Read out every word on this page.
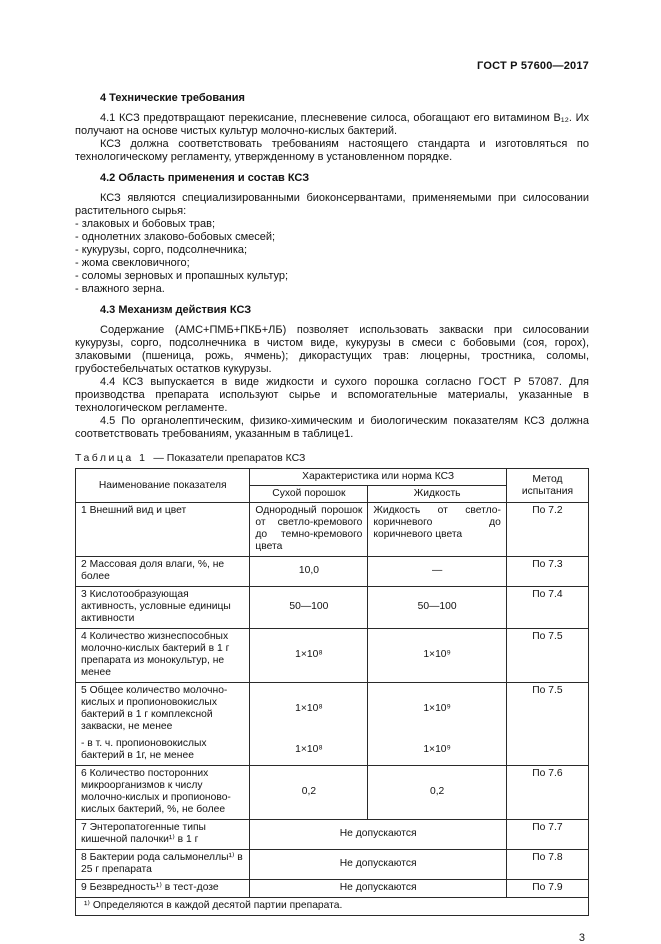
ГОСТ Р 57600—2017

4 Технические требования

4.1 КСЗ предотвращают перекисание, плесневение силоса, обогащают его витамином В₁₂. Их получают на основе чистых культур молочно-кислых бактерий.

КСЗ должна соответствовать требованиям настоящего стандарта и изготовляться по технологическому регламенту, утвержденному в установленном порядке.

4.2 Область применения и состав КСЗ

КСЗ являются специализированными биоконсервантами, применяемыми при силосовании растительного сырья:

- злаковых и бобовых трав;

- однолетних злаково-бобовых смесей;

- кукурузы, сорго, подсолнечника;

- жома свекловичного;

- соломы зерновых и пропашных культур;

- влажного зерна.

4.3 Механизм действия КСЗ

Содержание (АМС+ПМБ+ПКБ+ЛБ) позволяет использовать закваски при силосовании кукурузы, сорго, подсолнечника в чистом виде, кукурузы в смеси с бобовыми (соя, горох), злаковыми (пшеница, рожь, ячмень); дикорастущих трав: люцерны, тростника, соломы, грубостебельчатых остатков кукурузы.

4.4 КСЗ выпускается в виде жидкости и сухого порошка согласно ГОСТ Р 57087. Для производства препарата используют сырье и вспомогательные материалы, указанные в технологическом регламенте.

4.5 По органолептическим, физико-химическим и биологическим показателям КСЗ должна соответствовать требованиям, указанным в таблице1.

Таблица 1 — Показатели препаратов КСЗ

Наименование показателя	Характеристика или норма КСЗ		Метод испытания
	Сухой порошок	Жидкость	
1 Внешний вид и цвет	Однородный порошок от светло-кремового до темно-кремового цвета	Жидкость от светло-коричневого до коричневого цвета	По 7.2
2 Массовая доля влаги, %, не более	10,0	—	По 7.3
3 Кислотообразующая активность, условные единицы активности	50—100	50—100	По 7.4
4 Количество жизнеспособных молочно-кислых бактерий в 1 г препарата из монокультур, не менее	1×10⁸	1×10⁹	По 7.5
5 Общее количество молочно-кислых и пропионовокислых бактерий в 1 г комплексной закваски, не менее	1×10⁸	1×10⁹	По 7.5
- в т. ч. пропионовокислых бактерий в 1г, не менее	1×10⁸	1×10⁹	
6 Количество посторонних микроорганизмов к числу молочно-кислых и пропионово-кислых бактерий, %, не более	0,2	0,2	По 7.6
7 Энтеропатогенные типы кишечной палочки¹⁾ в 1 г	Не допускаются		По 7.7
8 Бактерии рода сальмонеллы¹⁾ в 25 г препарата	Не допускаются		По 7.8
9 Безвредность¹⁾ в тест-дозе	Не допускаются		По 7.9
¹⁾ Определяются в каждой десятой партии препарата.			
3
